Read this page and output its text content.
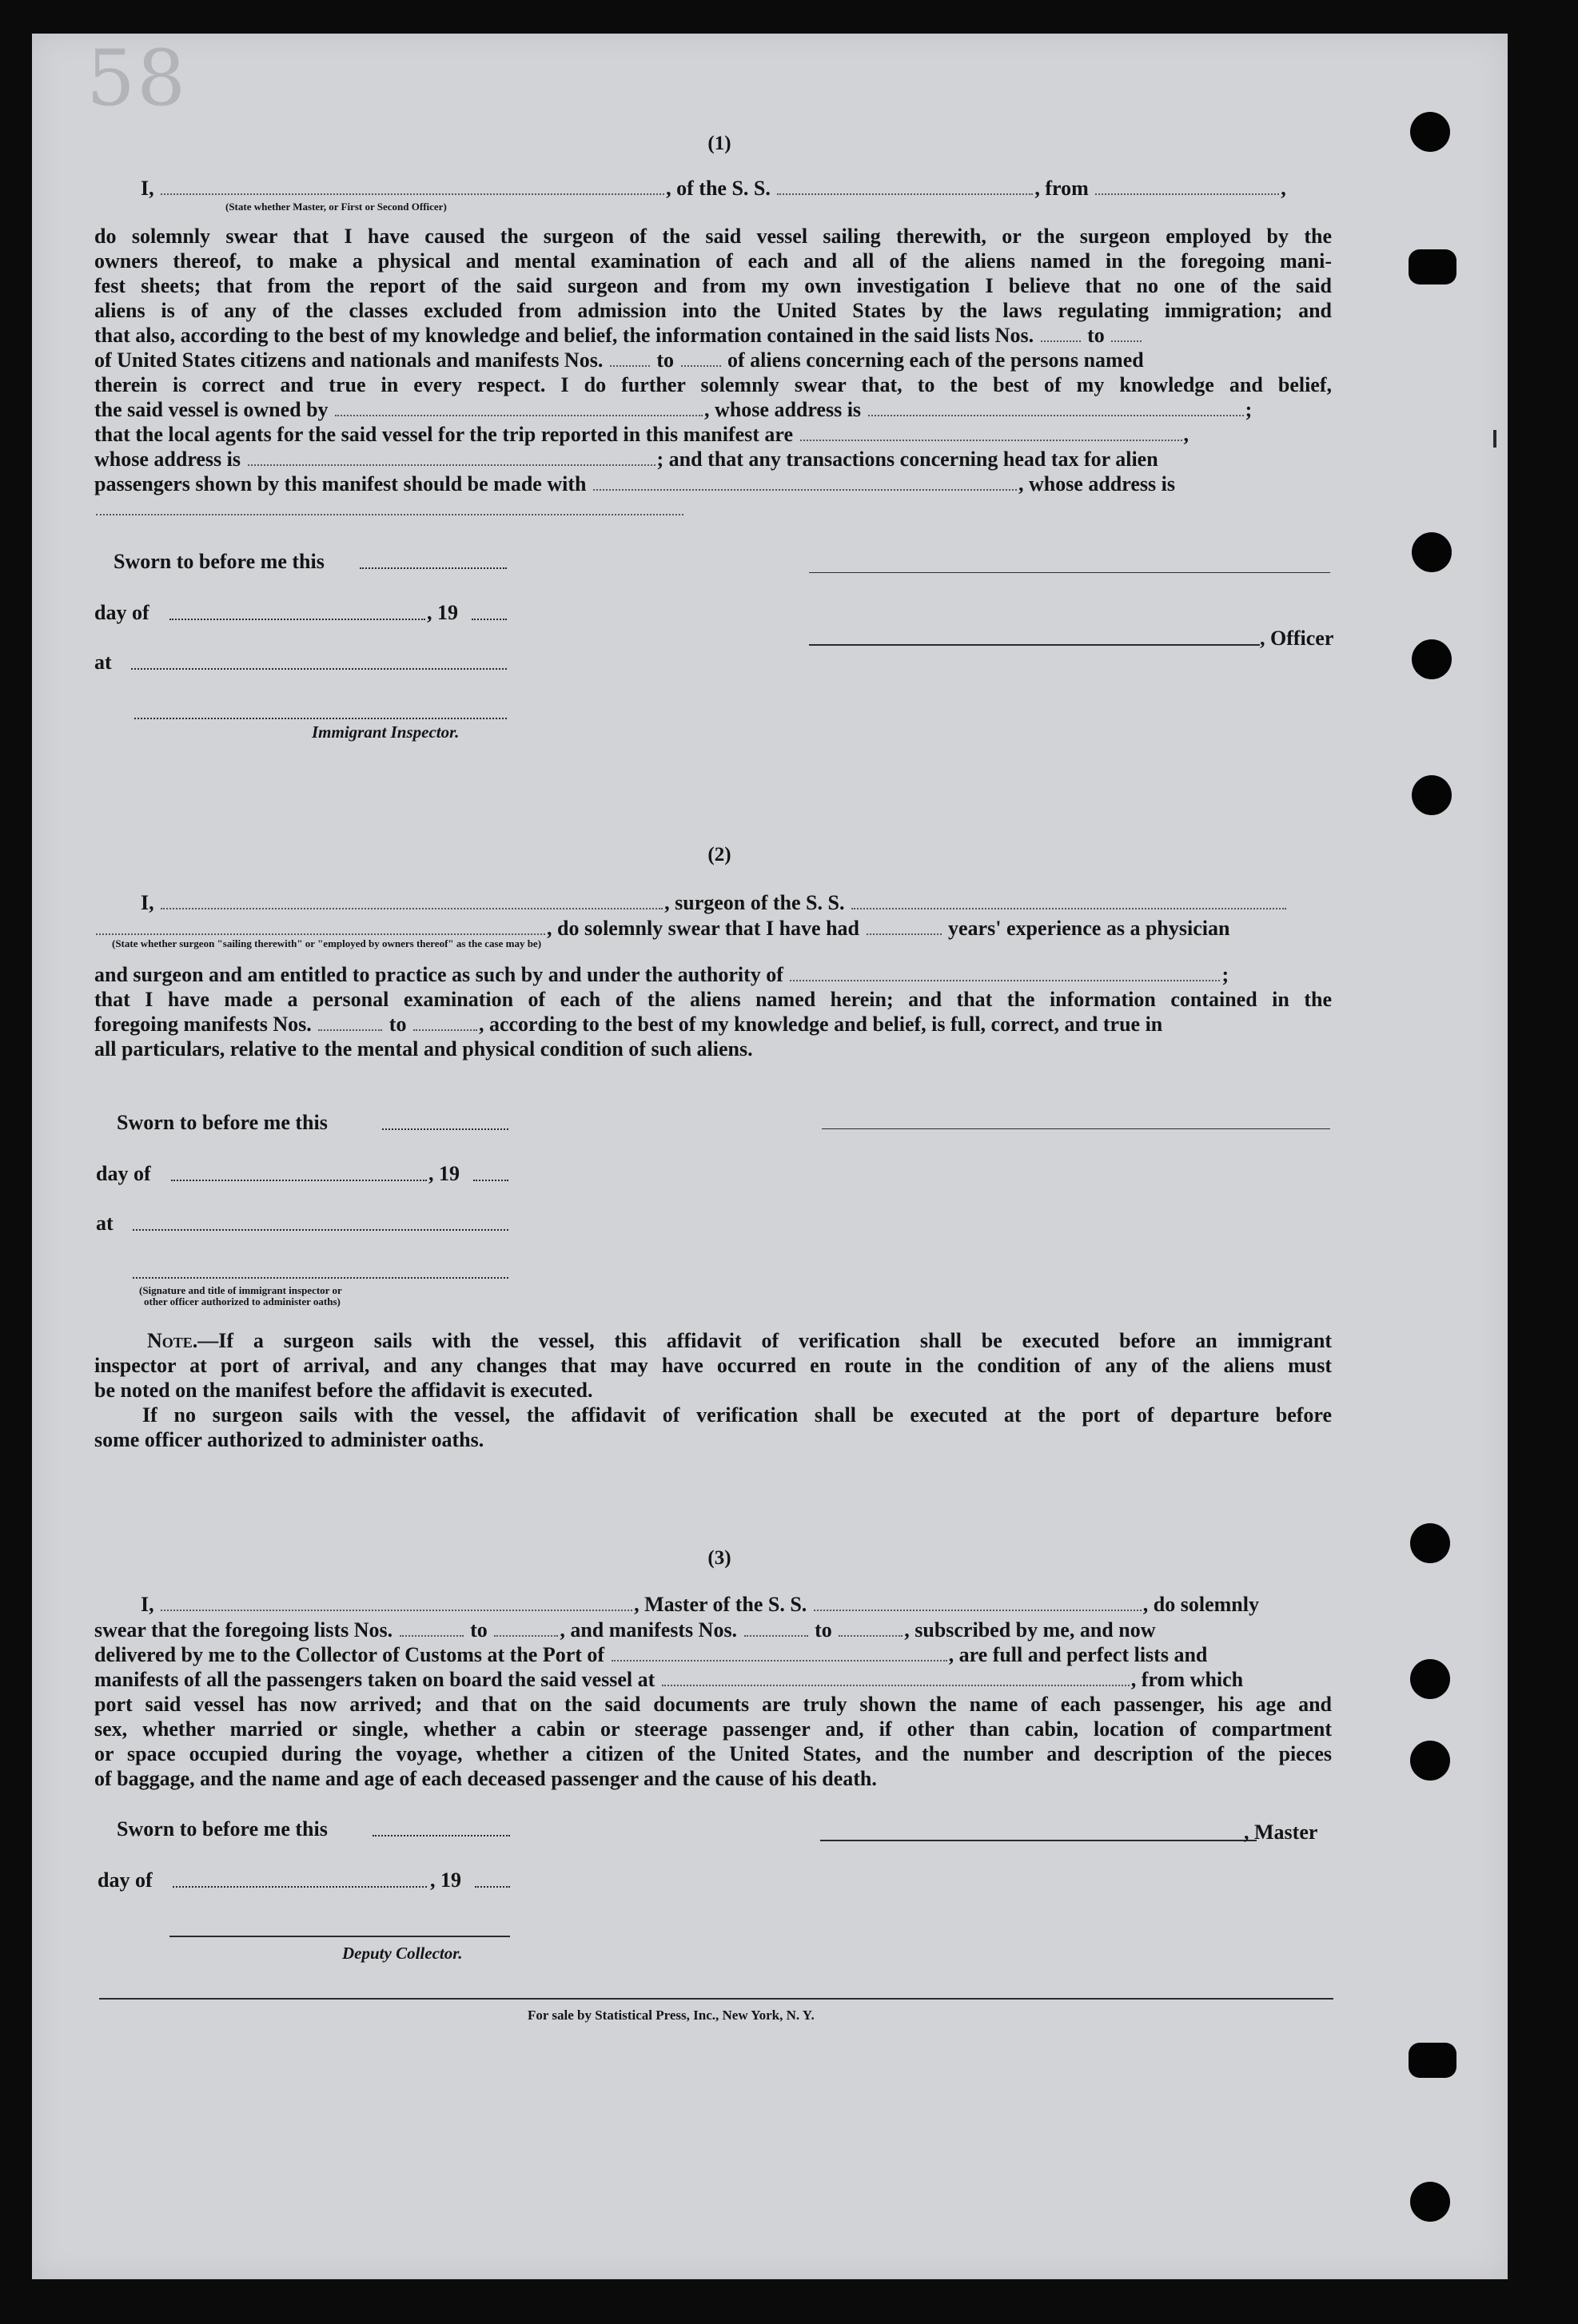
58
(1)
I,	, of the S. S.	, from	,
(State whether Master, or First or Second Officer)
do solemnly swear that I have caused the surgeon of the said vessel sailing therewith, or the surgeon employed by the
owners thereof, to make a physical and mental examination of each and all of the aliens named in the foregoing mani-
fest sheets; that from the report of the said surgeon and from my own investigation I believe that no one of the said
aliens is of any of the classes excluded from admission into the United States by the laws regulating immigration; and
that also, according to the best of my knowledge and belief, the information contained in the said lists Nos.	to
of United States citizens and nationals and manifests Nos.	to	of aliens concerning each of the persons named
therein is correct and true in every respect. I do further solemnly swear that, to the best of my knowledge and belief,
the said vessel is owned by	, whose address is	;
that the local agents for the said vessel for the trip reported in this manifest are	,
whose address is	; and that any transactions concerning head tax for alien
passengers shown by this manifest should be made with	, whose address is
Sworn to before me this
day of	, 19
, Officer
at
Immigrant Inspector.
(2)
I,	, surgeon of the S. S.
, do solemnly swear that I have had	years' experience as a physician
(State whether surgeon "sailing therewith" or "employed by owners thereof" as the case may be)
and surgeon and am entitled to practice as such by and under the authority of	;
that I have made a personal examination of each of the aliens named herein; and that the information contained in the
foregoing manifests Nos.	to	, according to the best of my knowledge and belief, is full, correct, and true in
all particulars, relative to the mental and physical condition of such aliens.
Sworn to before me this
day of	, 19
at
(Signature and title of immigrant inspector or
other officer authorized to administer oaths)
Note.—If a surgeon sails with the vessel, this affidavit of verification shall be executed before an immigrant
inspector at port of arrival, and any changes that may have occurred en route in the condition of any of the aliens must
be noted on the manifest before the affidavit is executed.
If no surgeon sails with the vessel, the affidavit of verification shall be executed at the port of departure before
some officer authorized to administer oaths.
(3)
I,	, Master of the S. S.	, do solemnly
swear that the foregoing lists Nos.	to	, and manifests Nos.	to	, subscribed by me, and now
delivered by me to the Collector of Customs at the Port of	, are full and perfect lists and
manifests of all the passengers taken on board the said vessel at	, from which
port said vessel has now arrived; and that on the said documents are truly shown the name of each passenger, his age and
sex, whether married or single, whether a cabin or steerage passenger and, if other than cabin, location of compartment
or space occupied during the voyage, whether a citizen of the United States, and the number and description of the pieces
of baggage, and the name and age of each deceased passenger and the cause of his death.
Sworn to before me this	, Master
day of	, 19
Deputy Collector.
For sale by Statistical Press, Inc., New York, N. Y.
